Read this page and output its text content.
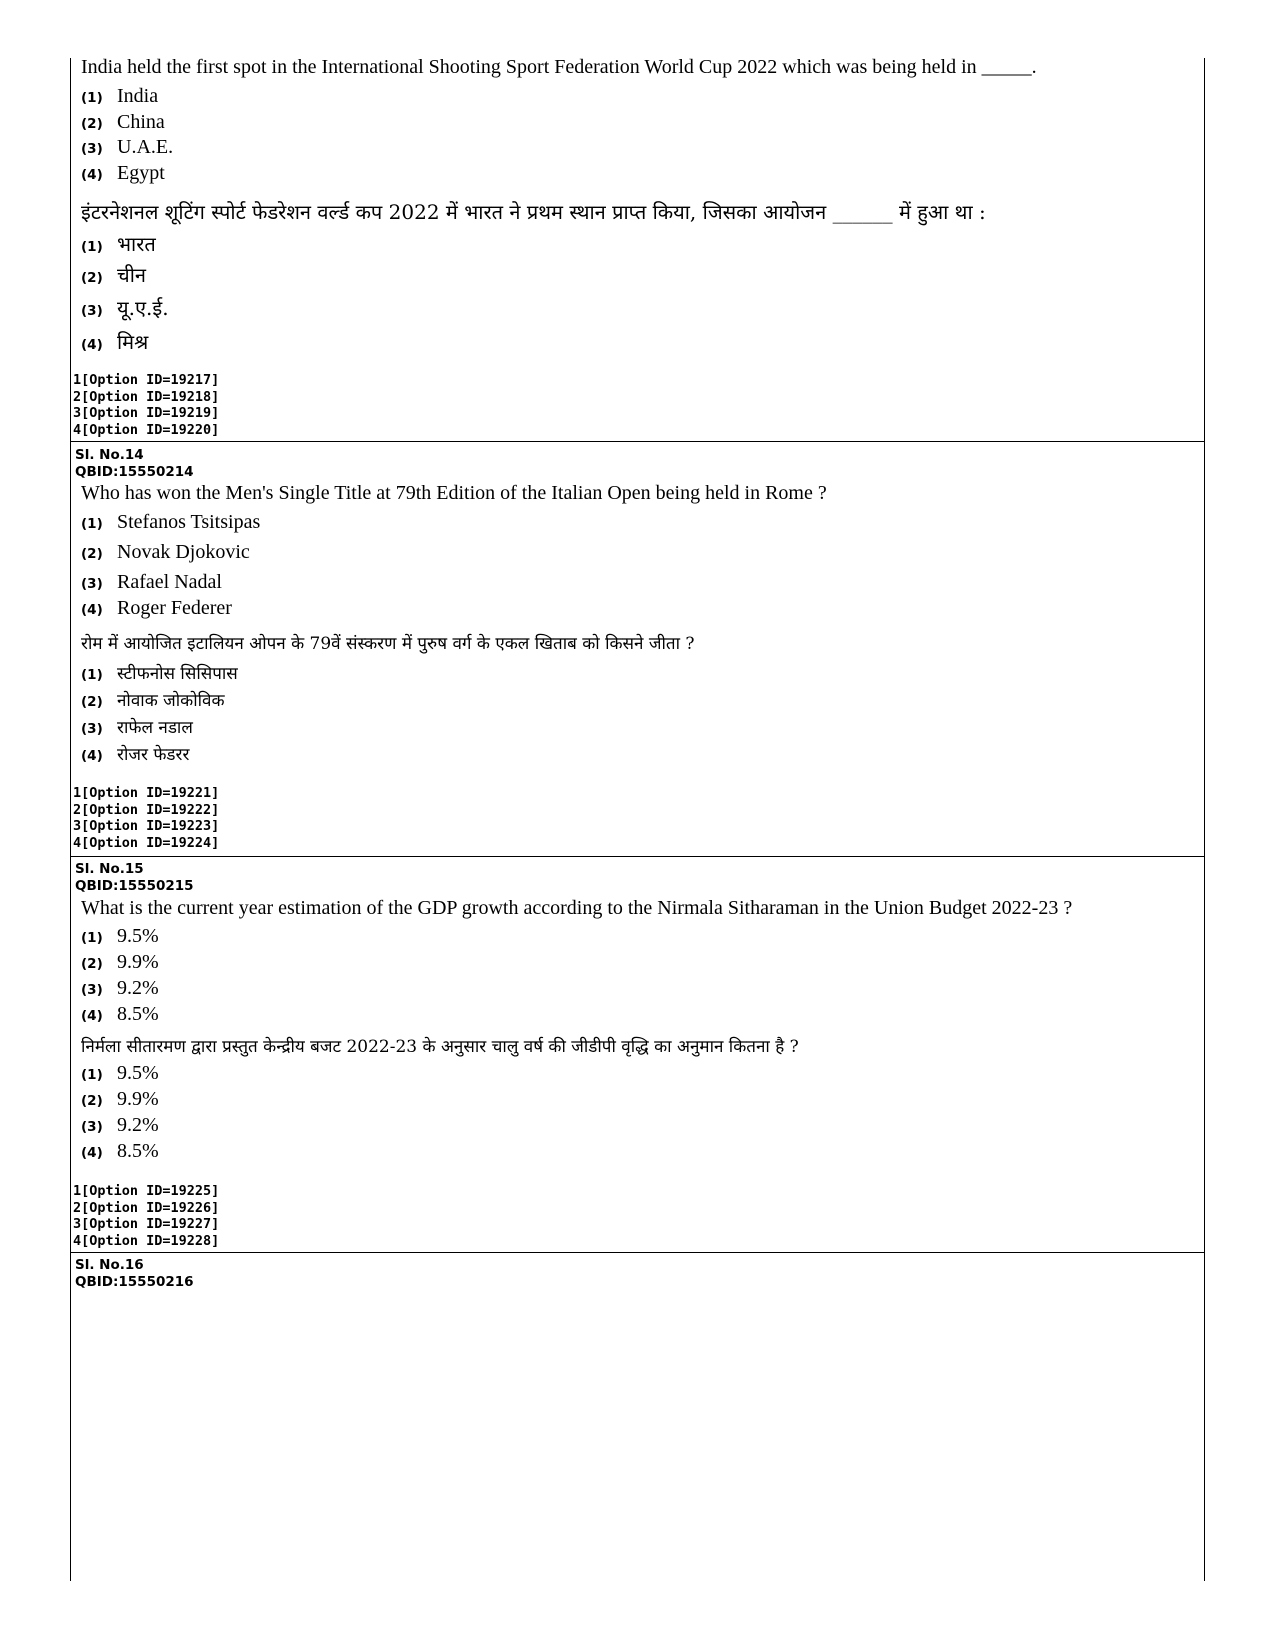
India held the first spot in the International Shooting Sport Federation World Cup 2022 which was being held in _____.
(1) India
(2) China
(3) U.A.E.
(4) Egypt
इंटरनेशनल शूटिंग स्पोर्ट फेडरेशन वर्ल्ड कप 2022 में भारत ने प्रथम स्थान प्राप्त किया, जिसका आयोजन ______ में हुआ था :
(1) भारत
(2) चीन
(3) यू.ए.ई.
(4) मिश्र
1[Option ID=19217]
2[Option ID=19218]
3[Option ID=19219]
4[Option ID=19220]
Sl. No.14
QBID:15550214
Who has won the Men's Single Title at 79th Edition of the Italian Open being held in Rome ?
(1) Stefanos Tsitsipas
(2) Novak Djokovic
(3) Rafael Nadal
(4) Roger Federer
रोम में आयोजित इटालियन ओपन के 79वें संस्करण में पुरुष वर्ग के एकल खिताब को किसने जीता ?
(1) स्टीफनोस सिसिपास
(2) नोवाक जोकोविक
(3) राफेल नडाल
(4) रोजर फेडरर
1[Option ID=19221]
2[Option ID=19222]
3[Option ID=19223]
4[Option ID=19224]
Sl. No.15
QBID:15550215
What is the current year estimation of the GDP growth according to the Nirmala Sitharaman in the Union Budget 2022-23 ?
(1) 9.5%
(2) 9.9%
(3) 9.2%
(4) 8.5%
निर्मला सीतारमण द्वारा प्रस्तुत केन्द्रीय बजट 2022-23 के अनुसार चालु वर्ष की जीडीपी वृद्धि का अनुमान कितना है ?
(1) 9.5%
(2) 9.9%
(3) 9.2%
(4) 8.5%
1[Option ID=19225]
2[Option ID=19226]
3[Option ID=19227]
4[Option ID=19228]
Sl. No.16
QBID:15550216
